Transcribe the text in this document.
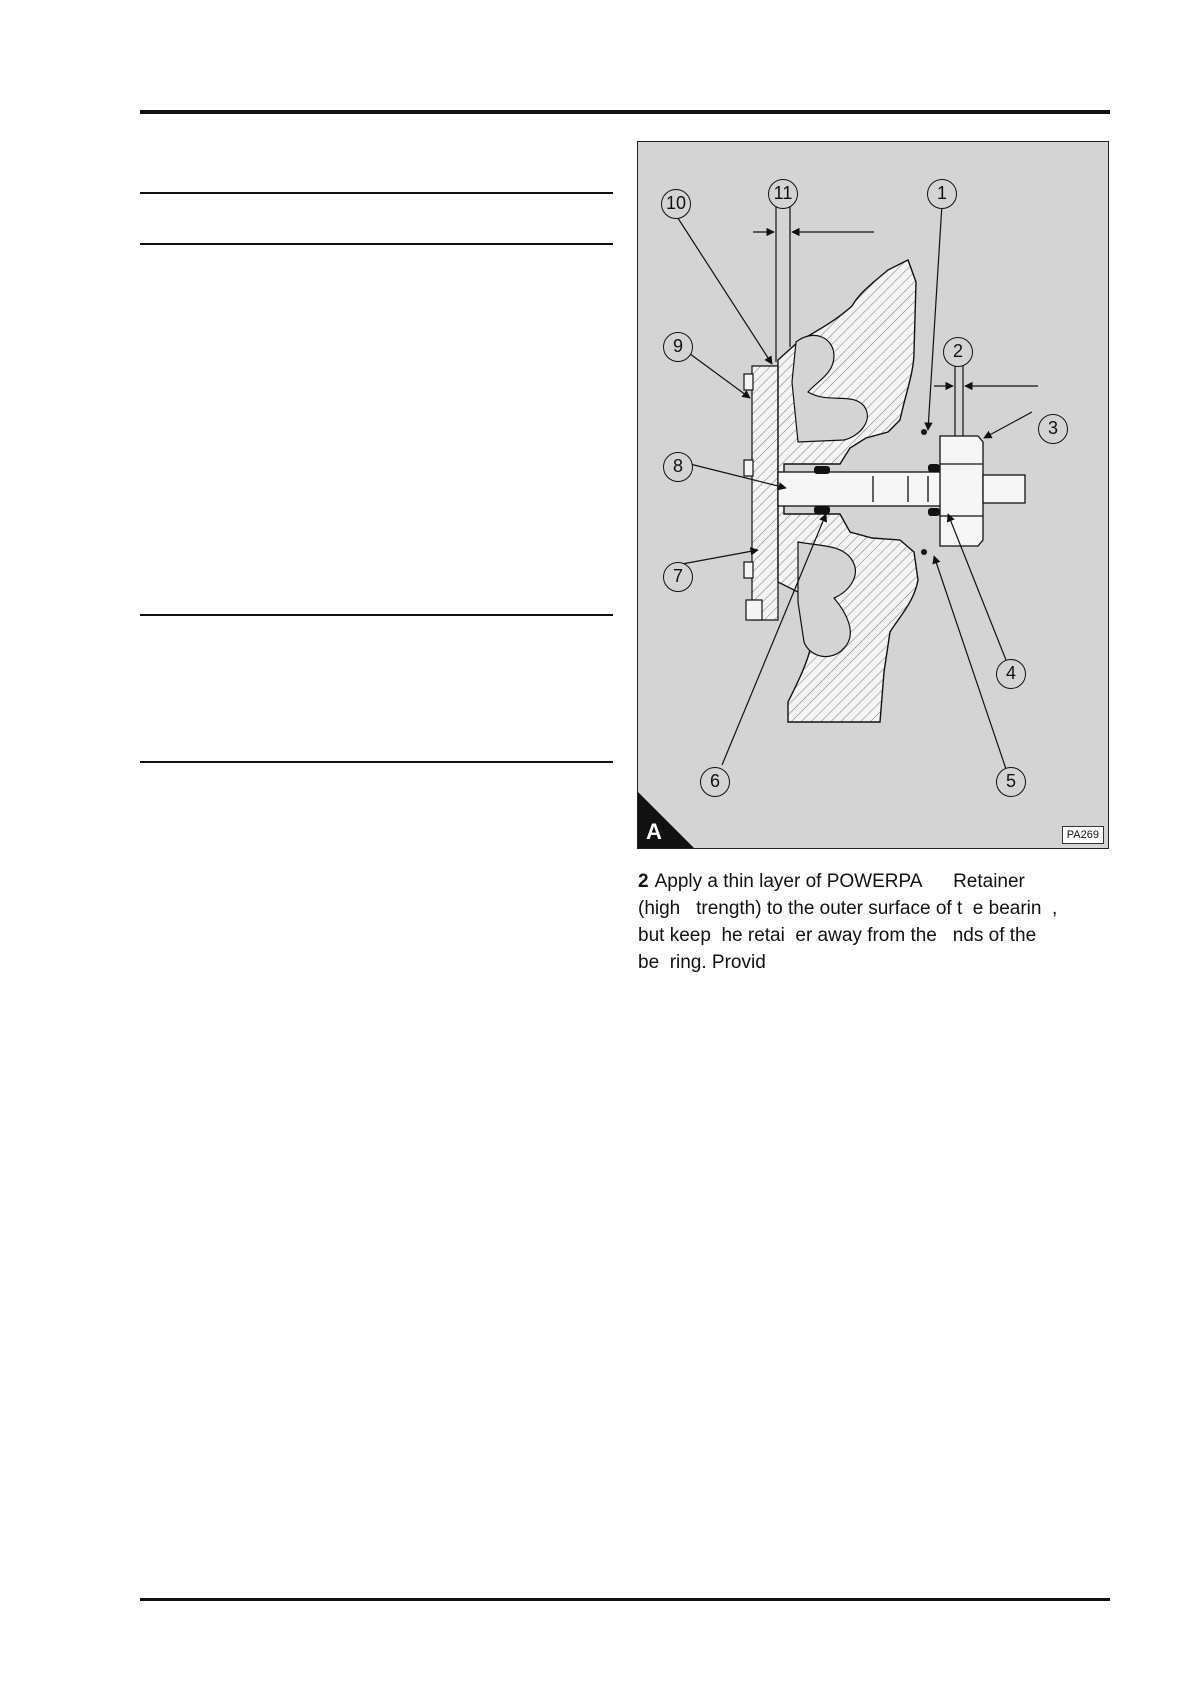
10	11	1
9	2
3
8
7
4
6	5
A	PA269
2 Apply a thin layer of POWERPA      Retainer
(high   trength) to the outer surface of t  e bearin  ,
but keep  he retai  er away from the   nds of the
be  ring. Provid
